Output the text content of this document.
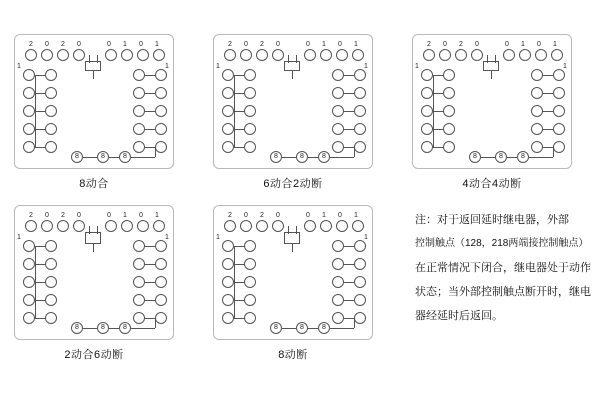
2 0 2 0	0 1 0 1
1	1
8	8	8
8动合
2 0 2 0	0 1 0 1
1	1
8	8	8
6动合2动断
2 0 2 0	0 1 0 1
1	1
8	8	8
4动合4动断
2 0 2 0	0 1 0 1
1	1
8	8	8
2动合6动断
2 0 2 0	0 1 0 1
1	1
8	8	8
8动断
注：对于返回延时继电器，外部
控制触点（128，218两端接控制触点）
在正常情况下闭合，继电器处于动作
状态；当外部控制触点断开时，继电
器经延时后返回。
